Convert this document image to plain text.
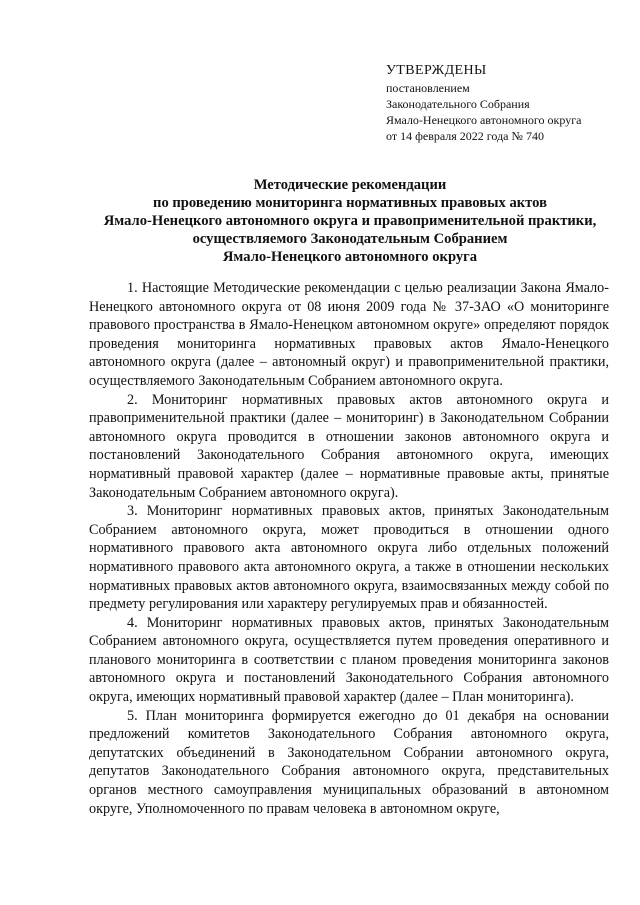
УТВЕРЖДЕНЫ
постановлением
Законодательного Собрания
Ямало-Ненецкого автономного округа
от 14 февраля 2022 года № 740
Методические рекомендации
по проведению мониторинга нормативных правовых актов
Ямало-Ненецкого автономного округа и правоприменительной практики,
осуществляемого Законодательным Собранием
Ямало-Ненецкого автономного округа

1. Настоящие Методические рекомендации с целью реализации Закона Ямало-Ненецкого автономного округа от 08 июня 2009 года № 37-ЗАО «О мониторинге правового пространства в Ямало-Ненецком автономном округе» определяют порядок проведения мониторинга нормативных правовых актов Ямало-Ненецкого автономного округа (далее – автономный округ) и правоприменительной практики, осуществляемого Законодательным Собранием автономного округа.

2. Мониторинг нормативных правовых актов автономного округа и правоприменительной практики (далее – мониторинг) в Законодательном Собрании автономного округа проводится в отношении законов автономного округа и постановлений Законодательного Собрания автономного округа, имеющих нормативный правовой характер (далее – нормативные правовые акты, принятые Законодательным Собранием автономного округа).

3. Мониторинг нормативных правовых актов, принятых Законодательным Собранием автономного округа, может проводиться в отношении одного нормативного правового акта автономного округа либо отдельных положений нормативного правового акта автономного округа, а также в отношении нескольких нормативных правовых актов автономного округа, взаимосвязанных между собой по предмету регулирования или характеру регулируемых прав и обязанностей.

4. Мониторинг нормативных правовых актов, принятых Законодательным Собранием автономного округа, осуществляется путем проведения оперативного и планового мониторинга в соответствии с планом проведения мониторинга законов автономного округа и постановлений Законодательного Собрания автономного округа, имеющих нормативный правовой характер (далее – План мониторинга).

5. План мониторинга формируется ежегодно до 01 декабря на основании предложений комитетов Законодательного Собрания автономного округа, депутатских объединений в Законодательном Собрании автономного округа, депутатов Законодательного Собрания автономного округа, представительных органов местного самоуправления муниципальных образований в автономном округе, Уполномоченного по правам человека в автономном округе,
